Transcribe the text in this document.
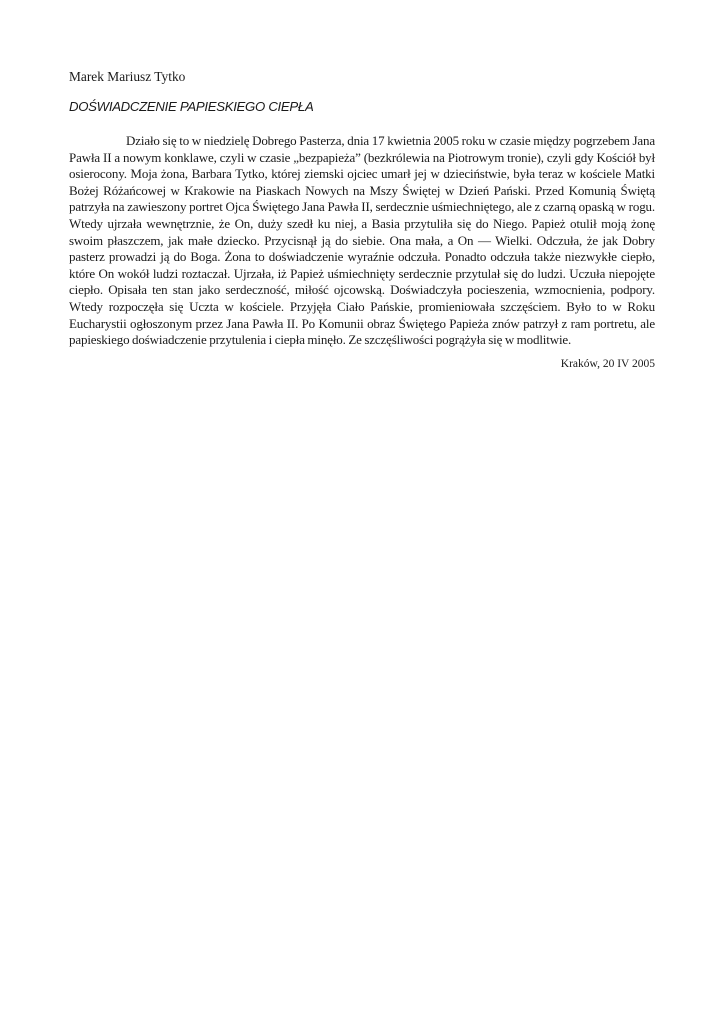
Marek Mariusz Tytko
DOŚWIADCZENIE PAPIESKIEGO CIEPŁA

Działo się to w niedzielę Dobrego Pasterza, dnia 17 kwietnia 2005 roku w czasie między pogrzebem Jana Pawła II a nowym konklawe, czyli w czasie „bezpapieża” (bezkrólewia na Piotrowym tronie), czyli gdy Kościół był osierocony. Moja żona, Barbara Tytko, której ziemski ojciec umarł jej w dzieciństwie, była teraz w kościele Matki Bożej Różańcowej w Krakowie na Piaskach Nowych na Mszy Świętej w Dzień Pański. Przed Komunią Świętą patrzyła na zawieszony portret Ojca Świętego Jana Pawła II, serdecznie uśmiechniętego, ale z czarną opaską w rogu. Wtedy ujrzała wewnętrznie, że On, duży szedł ku niej, a Basia przytuliła się do Niego. Papież otulił moją żonę swoim płaszczem, jak małe dziecko. Przycisnął ją do siebie. Ona mała, a On — Wielki. Odczuła, że jak Dobry pasterz prowadzi ją do Boga. Żona to doświadczenie wyraźnie odczuła. Ponadto odczuła także niezwykłe ciepło, które On wokół ludzi roztaczał. Ujrzała, iż Papież uśmiechnięty serdecznie przytulał się do ludzi. Uczuła niepojęte ciepło. Opisała ten stan jako serdeczność, miłość ojcowską. Doświadczyła pocieszenia, wzmocnienia, podpory. Wtedy rozpoczęła się Uczta w kościele. Przyjęła Ciało Pańskie, promieniowała szczęściem. Było to w Roku Eucharystii ogłoszonym przez Jana Pawła II. Po Komunii obraz Świętego Papieża znów patrzył z ram portretu, ale papieskiego doświadczenie przytulenia i ciepła minęło. Ze szczęśliwości pogrążyła się w modlitwie.

Kraków, 20 IV 2005
